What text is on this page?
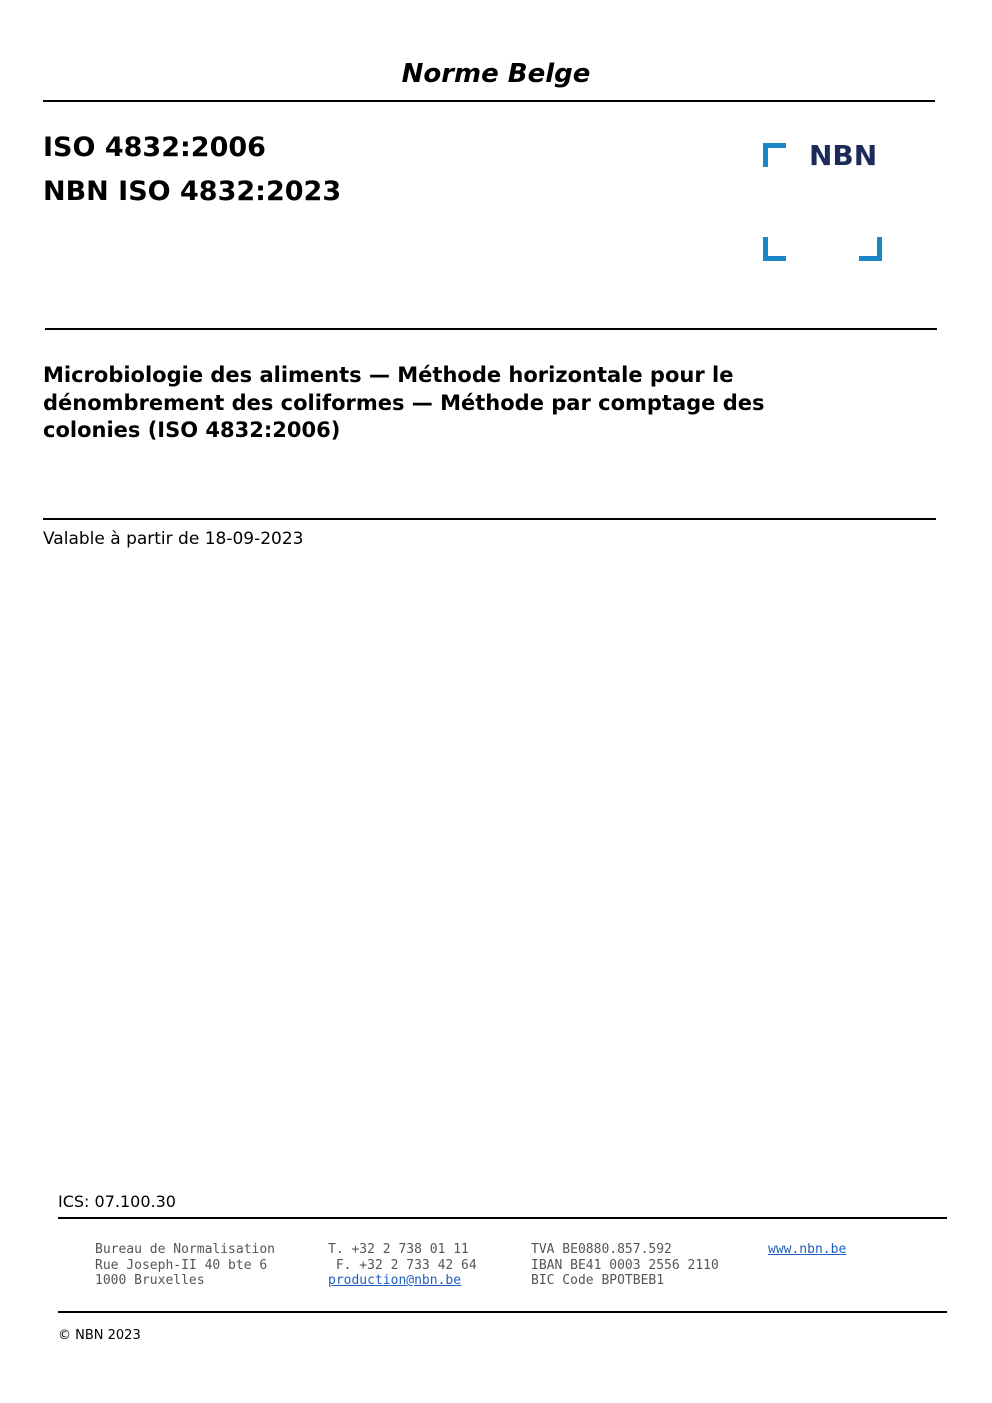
Norme Belge
ISO 4832:2006
NBN ISO 4832:2023
NBN
Microbiologie des aliments — Méthode horizontale pour le
dénombrement des coliformes — Méthode par comptage des
colonies (ISO 4832:2006)
Valable à partir de 18-09-2023
ICS: 07.100.30
Bureau de Normalisation
Rue Joseph-II 40 bte 6
1000 Bruxelles
T. +32 2 738 01 11
F. +32 2 733 42 64
production@nbn.be
TVA BE0880.857.592
IBAN BE41 0003 2556 2110
BIC Code BPOTBEB1
www.nbn.be
© NBN 2023
